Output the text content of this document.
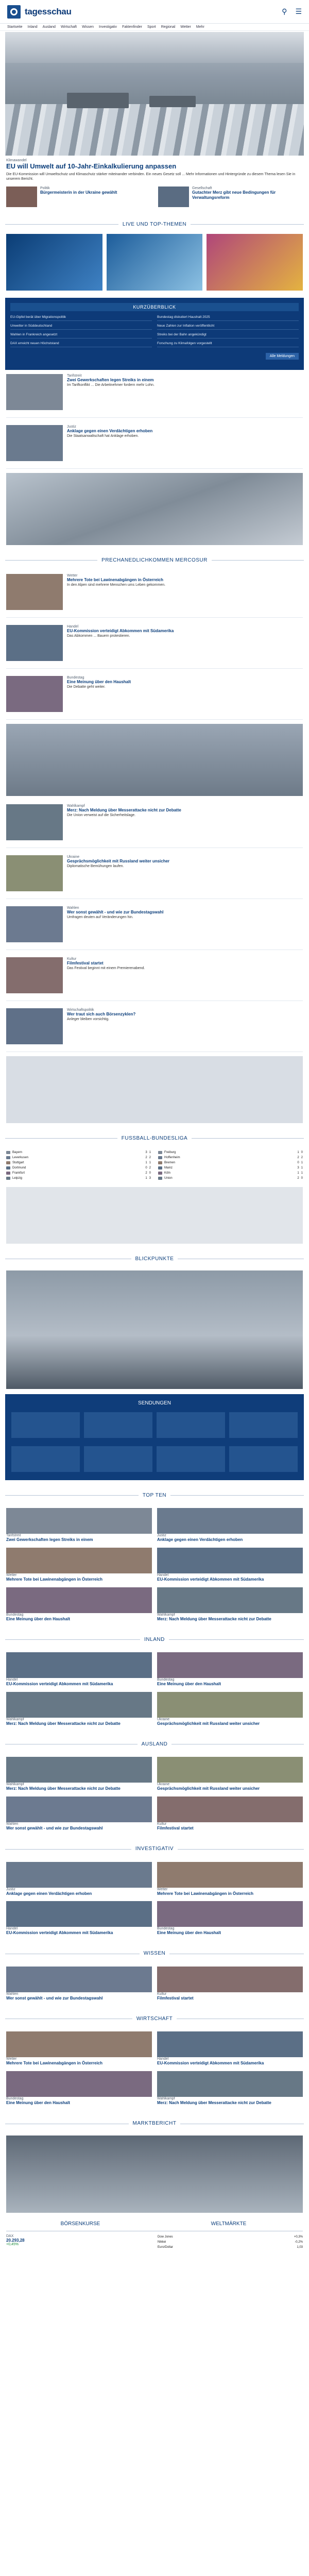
tagesschau	⚲ ☰
Startseite Inland Ausland Wirtschaft Wissen Investigativ Faktenfinder Sport Regional Wetter Mehr
Klimawandel
EU will Umwelt auf 10-Jahr-Einkalkulierung anpassen
Die EU-Kommission will Umweltschutz und Klimaschutz stärker miteinander verbinden. Ein neues Gesetz soll ... Mehr Informationen und Hintergründe zu diesem Thema lesen Sie in unserem Bericht.
Politik
Bürgermeisterin in der Ukraine gewählt
Gesellschaft
Gutachter Merz gibt neue Bedingungen für Verwaltungsreform
LIVE UND TOP-THEMEN
KURZÜBERBLICK
EU-Gipfel berät über Migrationspolitik	Bundestag diskutiert Haushalt 2025
Unwetter in Süddeutschland	Neue Zahlen zur Inflation veröffentlicht
Wahlen in Frankreich angesetzt	Streiks bei der Bahn angekündigt
DAX erreicht neuen Höchststand	Forschung zu Klimafolgen vorgestellt
Alle Meldungen
Tarifstreit
Zwei Gewerkschaften legen Streiks in einem
Im Tarifkonflikt ... Die Arbeitnehmer fordern mehr Lohn.
Justiz
Anklage gegen einen Verdächtigen erhoben
Die Staatsanwaltschaft hat Anklage erhoben.
PRECHANEDLICHKOMMEN MERCOSUR
Wetter
Mehrere Tote bei Lawinenabgängen in Österreich
In den Alpen sind mehrere Menschen ums Leben gekommen.
Handel
EU-Kommission verteidigt Abkommen mit Südamerika
Das Abkommen ... Bauern protestieren.
Bundestag
Eine Meinung über den Haushalt
Die Debatte geht weiter.
Wahlkampf
Merz: Nach Meldung über Messerattacke nicht zur Debatte
Die Union verweist auf die Sicherheitslage.
Ukraine
Gesprächsmöglichkeit mit Russland weiter unsicher
Diplomatische Bemühungen laufen.
Wahlen
Wer sonst gewählt - und wie zur Bundestagswahl
Umfragen deuten auf Veränderungen hin.
Kultur
Filmfestival startet
Das Festival beginnt mit einem Premierenabend.
Wirtschaftspolitik
Wer traut sich auch Börsenzyklen?
Anleger bleiben vorsichtig.
FUSSBALL-BUNDESLIGA
Bayern	3 1
Leverkusen	2 2
Stuttgart	1 1
Dortmund	0 2
Frankfurt	2 0
Leipzig	1 3
Freiburg	1 0
Hoffenheim	2 2
Bremen	0 1
Mainz	3 1
Köln	1 1
Union	2 0
BLICKPUNKTE
SENDUNGEN
TOP TEN
Tarifstreit
Zwei Gewerkschaften legen Streiks in einem
Justiz
Anklage gegen einen Verdächtigen erhoben
Wetter
Mehrere Tote bei Lawinenabgängen in Österreich
Handel
EU-Kommission verteidigt Abkommen mit Südamerika
Bundestag
Eine Meinung über den Haushalt
Wahlkampf
Merz: Nach Meldung über Messerattacke nicht zur Debatte
INLAND
Handel
EU-Kommission verteidigt Abkommen mit Südamerika
Bundestag
Eine Meinung über den Haushalt
Wahlkampf
Merz: Nach Meldung über Messerattacke nicht zur Debatte
Ukraine
Gesprächsmöglichkeit mit Russland weiter unsicher
AUSLAND
Wahlkampf
Merz: Nach Meldung über Messerattacke nicht zur Debatte
Ukraine
Gesprächsmöglichkeit mit Russland weiter unsicher
Wahlen
Wer sonst gewählt - und wie zur Bundestagswahl
Kultur
Filmfestival startet
INVESTIGATIV
Justiz
Anklage gegen einen Verdächtigen erhoben
Wetter
Mehrere Tote bei Lawinenabgängen in Österreich
Handel
EU-Kommission verteidigt Abkommen mit Südamerika
Bundestag
Eine Meinung über den Haushalt
WISSEN
Wahlen
Wer sonst gewählt - und wie zur Bundestagswahl
Kultur
Filmfestival startet
WIRTSCHAFT
Wetter
Mehrere Tote bei Lawinenabgängen in Österreich
Handel
EU-Kommission verteidigt Abkommen mit Südamerika
Bundestag
Eine Meinung über den Haushalt
Wahlkampf
Merz: Nach Meldung über Messerattacke nicht zur Debatte
MARKTBERICHT
BÖRSENKURSE	WELTMÄRKTE
DAX
20.293,28
+0,45%
Dow Jones	+0,3%
Nikkei	-0,2%
Euro/Dollar	1,03
